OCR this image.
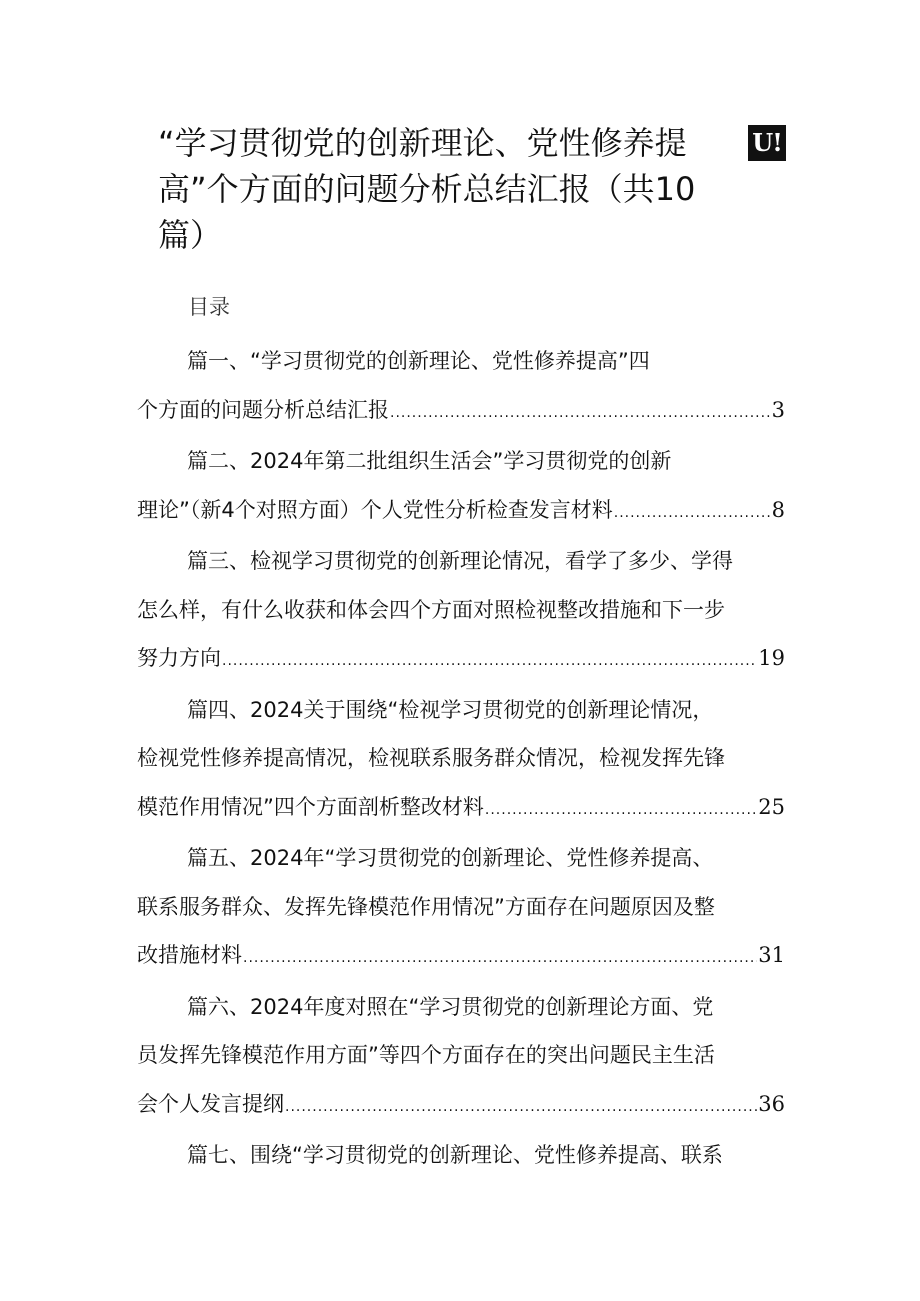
“学习贯彻党的创新理论、党性修养提高”个方面的问题分析总结汇报（共10篇）
U!
目录
篇一、“学习贯彻党的创新理论、党性修养提高”四
个方面的问题分析总结汇报 .....	3
篇二、2024年第二批组织生活会”学习贯彻党的创新
理论”（新4个对照方面）个人党性分析检查发言材料 .....	8
篇三、检视学习贯彻党的创新理论情况，看学了多少、学得
怎么样，有什么收获和体会四个方面对照检视整改措施和下一步
努力方向 .....	19
篇四、2024关于围绕“检视学习贯彻党的创新理论情况，
检视党性修养提高情况，检视联系服务群众情况，检视发挥先锋
模范作用情况”四个方面剖析整改材料 .....	25
篇五、2024年“学习贯彻党的创新理论、党性修养提高、
联系服务群众、发挥先锋模范作用情况”方面存在问题原因及整
改措施材料 .....	31
篇六、2024年度对照在“学习贯彻党的创新理论方面、党
员发挥先锋模范作用方面”等四个方面存在的突出问题民主生活
会个人发言提纲 .....	36
篇七、围绕“学习贯彻党的创新理论、党性修养提高、联系
